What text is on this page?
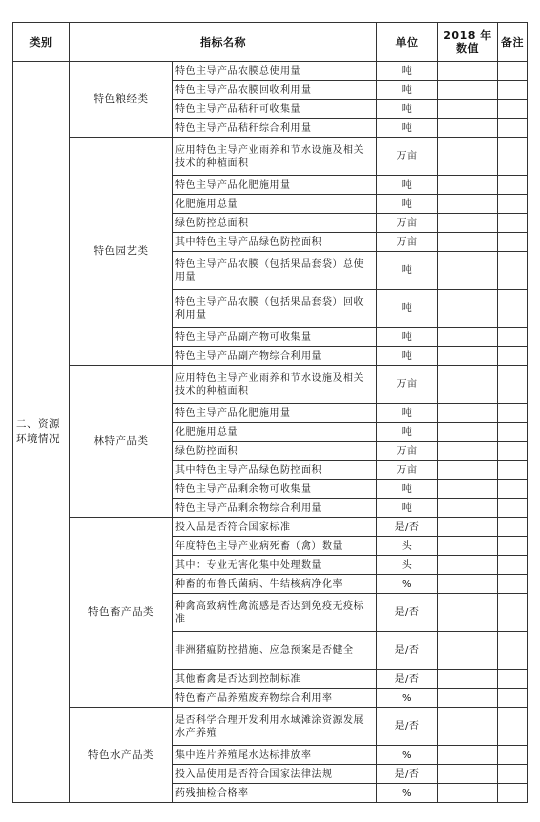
类别	指标名称		单位	2018 年数值	备注
二、资源环境情况	特色粮经类	特色主导产品农膜总使用量	吨		
		特色主导产品农膜回收利用量	吨		
		特色主导产品秸秆可收集量	吨		
		特色主导产品秸秆综合利用量	吨		
	特色园艺类	应用特色主导产业雨养和节水设施及相关技术的种植面积	万亩		
		特色主导产品化肥施用量	吨		
		化肥施用总量	吨		
		绿色防控总面积	万亩		
		其中特色主导产品绿色防控面积	万亩		
		特色主导产品农膜（包括果品套袋）总使用量	吨		
		特色主导产品农膜（包括果品套袋）回收利用量	吨		
		特色主导产品副产物可收集量	吨		
		特色主导产品副产物综合利用量	吨		
	林特产品类	应用特色主导产业雨养和节水设施及相关技术的种植面积	万亩		
		特色主导产品化肥施用量	吨		
		化肥施用总量	吨		
		绿色防控面积	万亩		
		其中特色主导产品绿色防控面积	万亩		
		特色主导产品剩余物可收集量	吨		
		特色主导产品剩余物综合利用量	吨		
	特色畜产品类	投入品是否符合国家标准	是/否		
		年度特色主导产业病死畜（禽）数量	头		
		其中：专业无害化集中处理数量	头		
		种畜的布鲁氏菌病、牛结核病净化率	%		
		种禽高致病性禽流感是否达到免疫无疫标准	是/否		
		非洲猪瘟防控措施、应急预案是否健全	是/否		
		其他畜禽是否达到控制标准	是/否		
		特色畜产品养殖废弃物综合利用率	%		
	特色水产品类	是否科学合理开发利用水域滩涂资源发展水产养殖	是/否		
		集中连片养殖尾水达标排放率	%		
		投入品使用是否符合国家法律法规	是/否		
		药残抽检合格率	%		
